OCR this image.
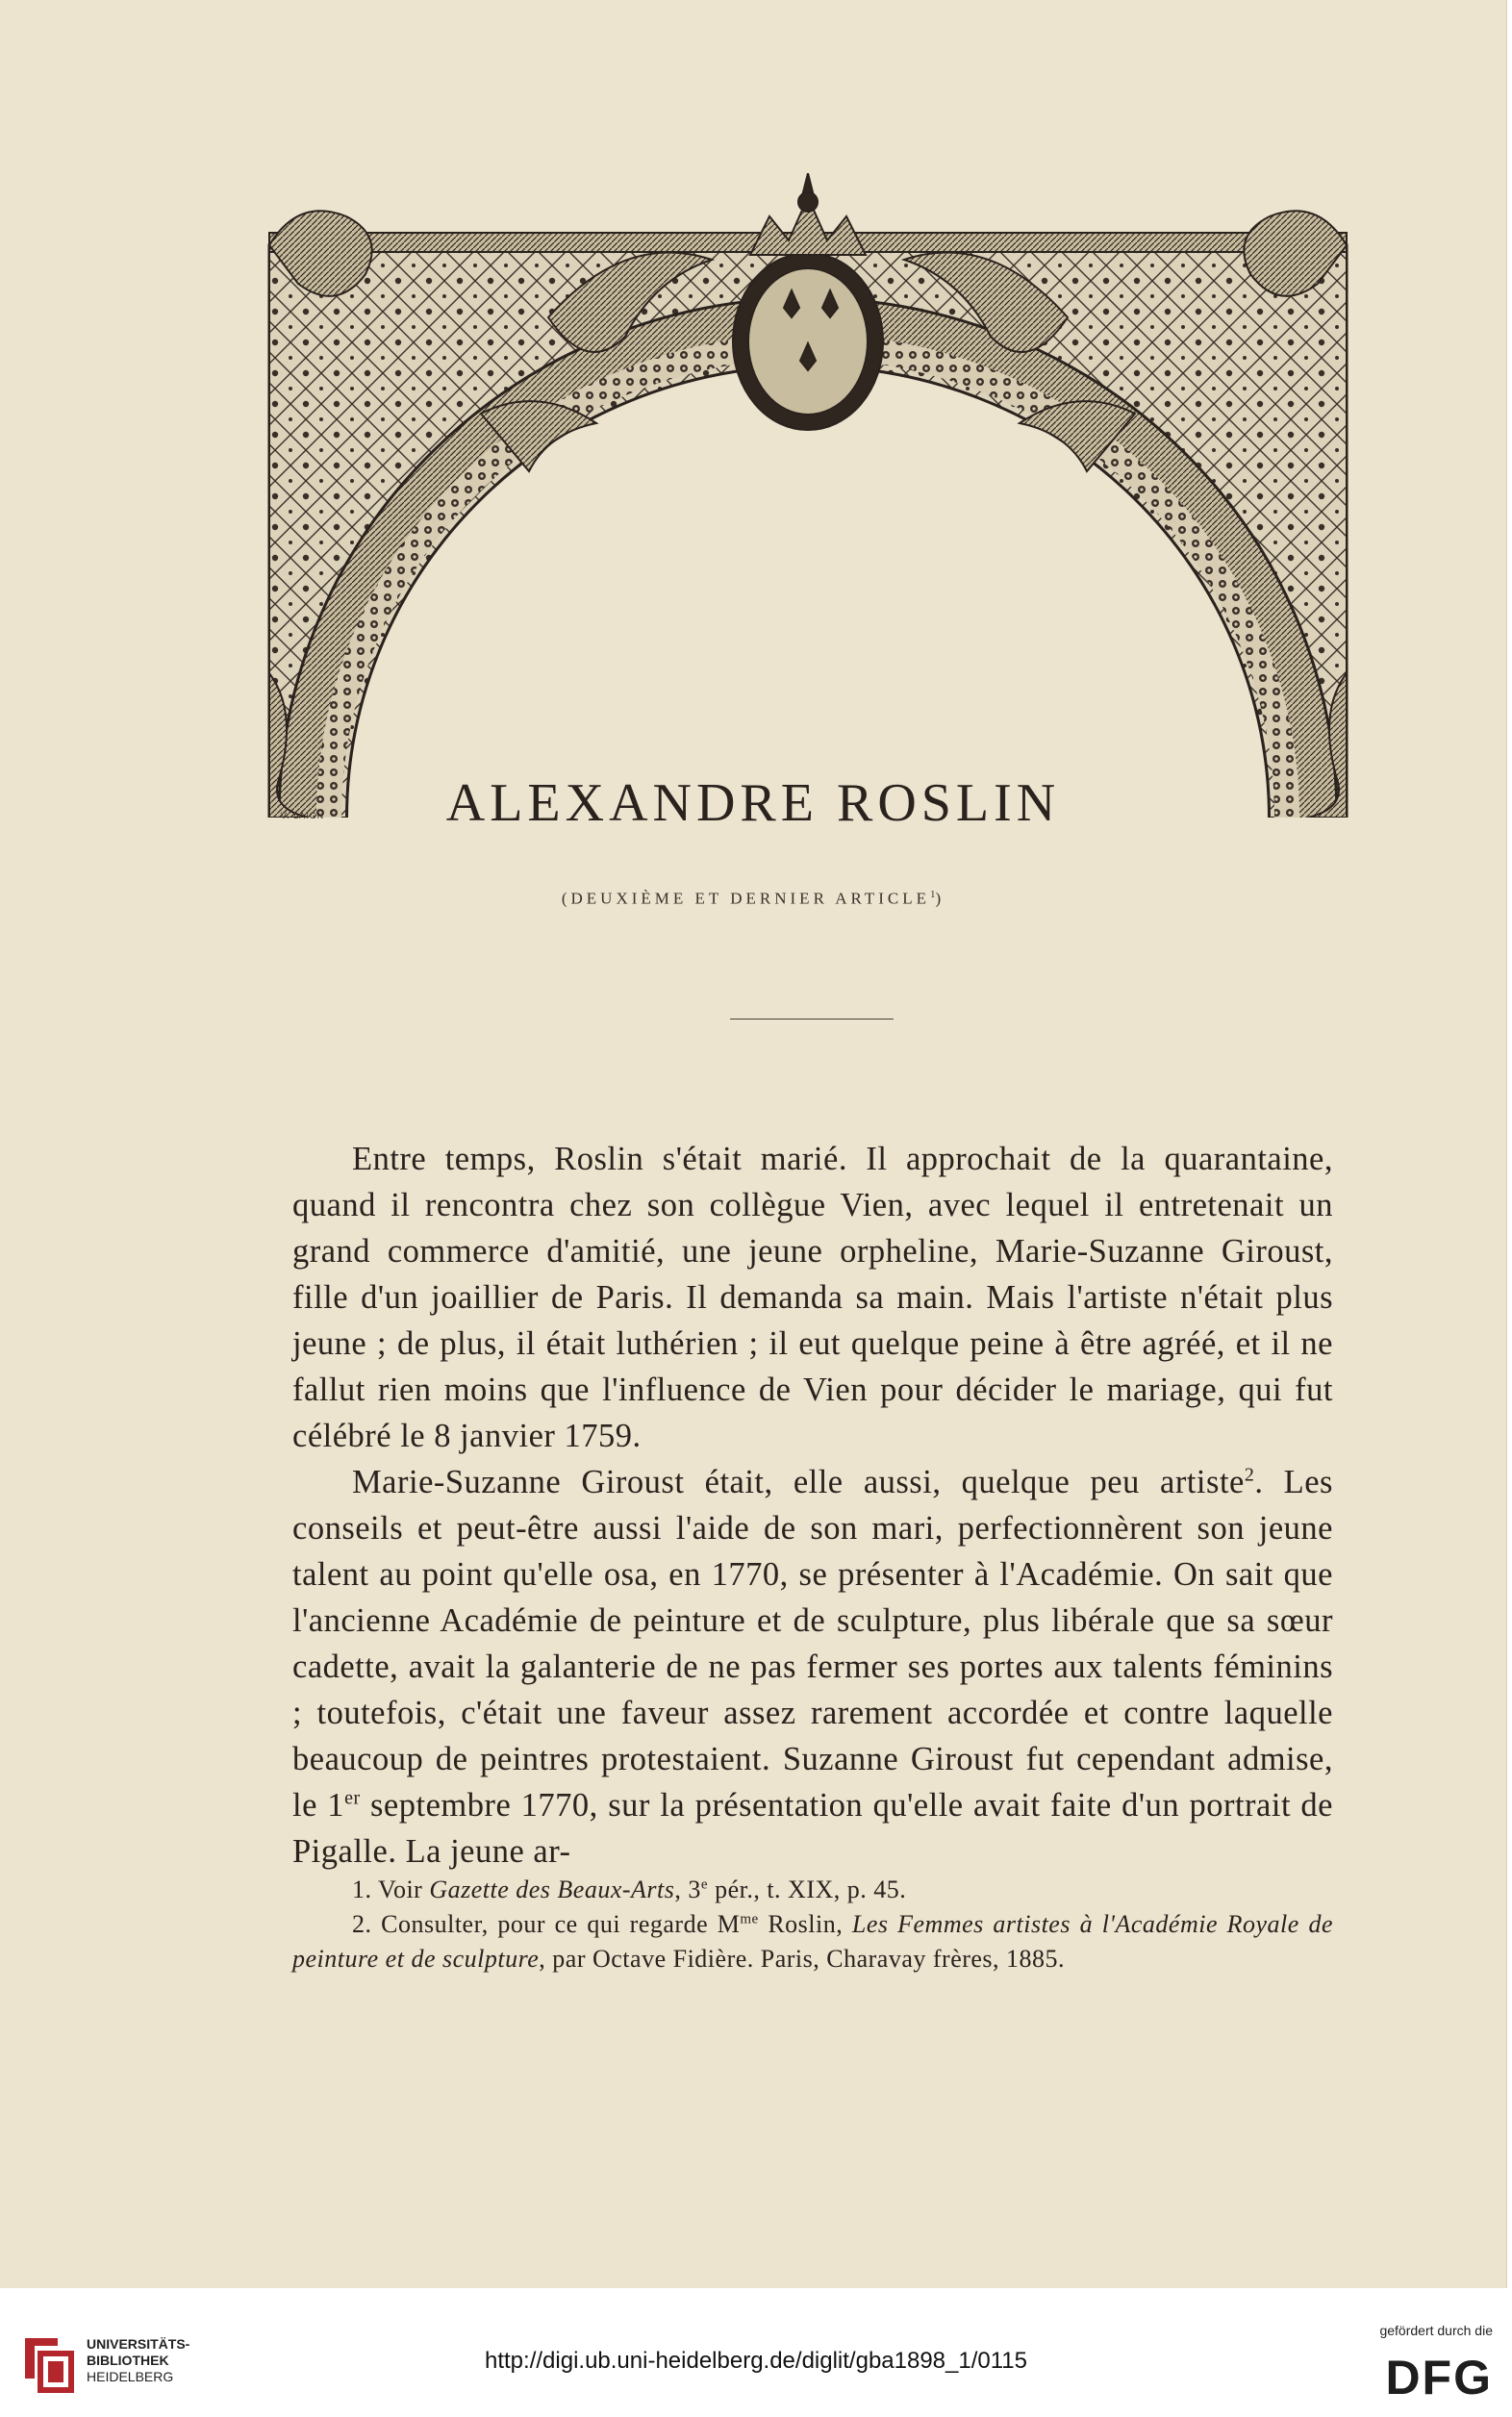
V. LAIGN	ALEXANDRE ROSLIN
(DEUXIÈME ET DERNIER ARTICLE$^1$)

Entre temps, Roslin s'était marié. Il approchait de la quarantaine, quand il rencontra chez son collègue Vien, avec lequel il entretenait un grand commerce d'amitié, une jeune orpheline, Marie-Suzanne Giroust, fille d'un joaillier de Paris. Il demanda sa main. Mais l'artiste n'était plus jeune ; de plus, il était luthérien ; il eut quelque peine à être agréé, et il ne fallut rien moins que l'influence de Vien pour décider le mariage, qui fut célébré le 8 janvier 1759.

Marie-Suzanne Giroust était, elle aussi, quelque peu artiste$^2$. Les conseils et peut-être aussi l'aide de son mari, perfectionnèrent son jeune talent au point qu'elle osa, en 1770, se présenter à l'Académie. On sait que l'ancienne Académie de peinture et de sculpture, plus libérale que sa sœur cadette, avait la galanterie de ne pas fermer ses portes aux talents féminins ; toutefois, c'était une faveur assez rarement accordée et contre laquelle beaucoup de peintres protestaient. Suzanne Giroust fut cependant admise, le 1er septembre 1770, sur la présentation qu'elle avait faite d'un portrait de Pigalle. La jeune ar-

1. Voir Gazette des Beaux-Arts, 3e pér., t. XIX, p. 45.

2. Consulter, pour ce qui regarde $M^{me}$ Roslin, Les Femmes artistes à l'Académie Royale de peinture et de sculpture, par Octave Fidière. Paris, Charavay frères, 1885.

UNIVERSITÄTS-
BIBLIOTHEK
HEIDELBERG
http://digi.ub.uni-heidelberg.de/diglit/gba1898_1/0115
gefördert durch die
DFG
